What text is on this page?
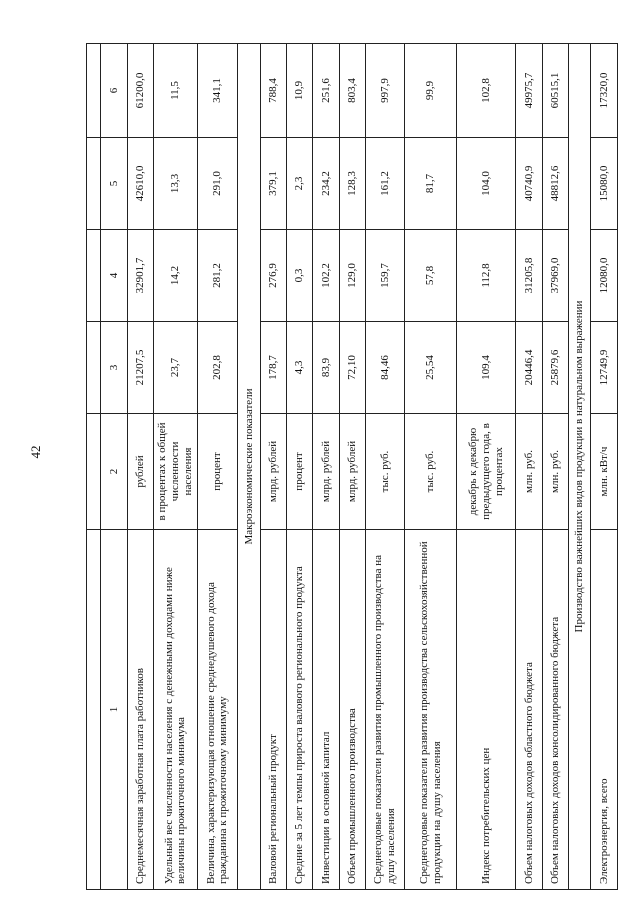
42

1	2	3	4	5	6
Среднемесячная заработная плата работников	рублей	21207,5	32901,7	42610,0	61200,0
Удельный вес численности населения с денежными доходами ниже величины прожиточного минимума	в процентах к общей численности населения	23,7	14,2	13,3	11,5
Величина, характеризующая отношение среднедушевого дохода гражданина к прожиточному минимуму	процент	202,8	281,2	291,0	341,1
Макроэкономические показатели					
Валовой региональный продукт	млрд. рублей	178,7	276,9	379,1	788,4
Средние за 5 лет темпы прироста валового регионального продукта	процент	4,3	0,3	2,3	10,9
Инвестиции в основной капитал	млрд. рублей	83,9	102,2	234,2	251,6
Объем промышленного производства	млрд. рублей	72,10	129,0	128,3	803,4
Среднегодовые показатели развития промышленного производства на душу населения	тыс. руб.	84,46	159,7	161,2	997,9
Среднегодовые показатели развития производства сельскохозяйственной продукции на душу населения	тыс. руб.	25,54	57,8	81,7	99,9
Индекс потребительских цен	декабрь к декабрю предыдущего года, в процентах	109,4	112,8	104,0	102,8
Объем налоговых доходов областного бюджета	млн. руб.	20446,4	31205,8	40740,9	49975,7
Объем налоговых доходов консолидированного бюджета	млн. руб.	25879,6	37969,0	48812,6	60515,1
Производство важнейших видов продукции в натуральном выражении					
Электроэнергия, всего	млн. кВт/ч	12749,9	12080,0	15080,0	17320,0
